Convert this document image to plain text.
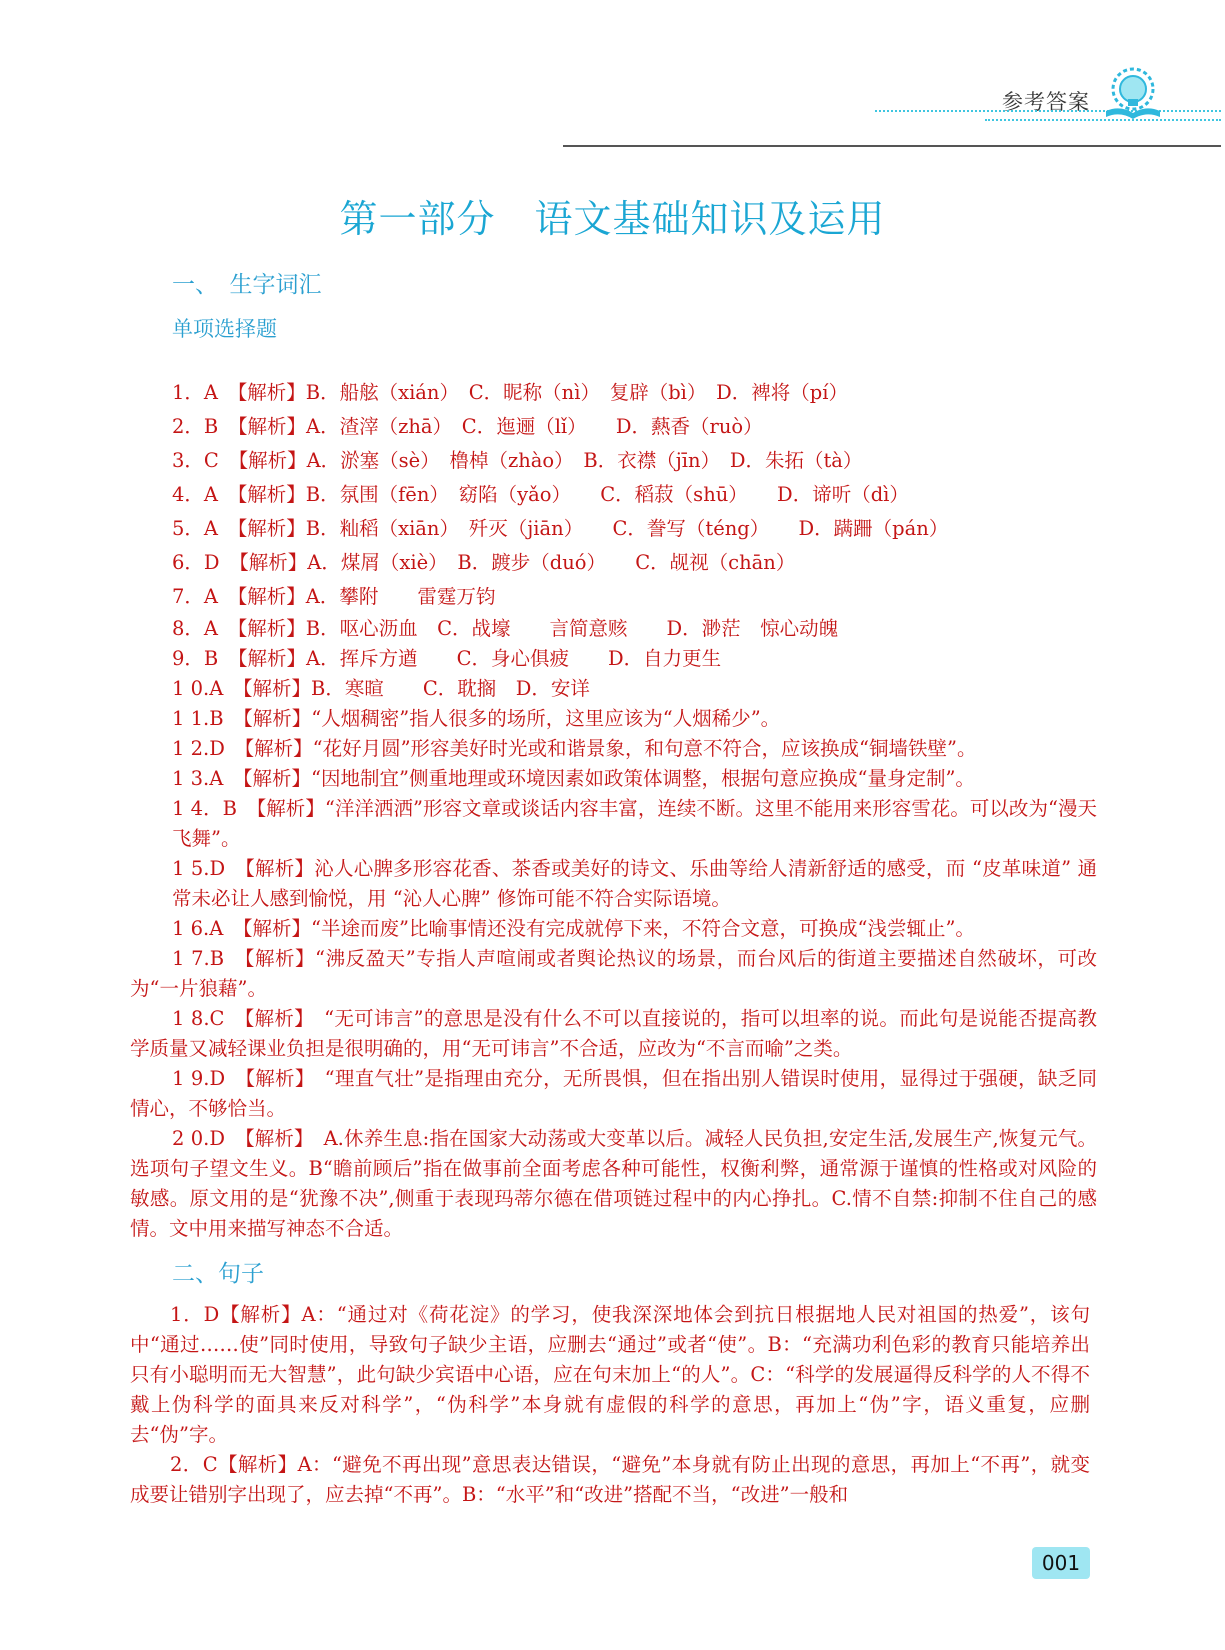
参考答案
第一部分　语文基础知识及运用
一、　生字词汇
单项选择题
1．A　【解析】B．船舷（xián）　C．昵称（nì）　复辟（bì）　D．裨将（pí）
2．B　【解析】A．渣滓（zhā）　C．迤逦（lǐ）　　D．爇香（ruò）
3．C　【解析】A．淤塞（sè）　橹棹（zhào）　B．衣襟（jīn）　D．朱拓（tà）
4．A　【解析】B．氛围（fēn）　窈陷（yǎo）　　C．稻菽（shū）　　D．谛听（dì）
5．A　【解析】B．籼稻（xiān）　歼灭（jiān）　　C．誊写（téng）　　D．蹒跚（pán）
6．D　【解析】A．煤屑（xiè）　B．踱步（duó）　　C．觇视（chān）
7．A　【解析】A．攀附　　雷霆万钧
8．A　【解析】B．呕心沥血　C．战壕　　言简意赅　　D．渺茫　惊心动魄
9．B　【解析】A．挥斥方遒　　C．身心俱疲　　D．自力更生
1 0.A　【解析】B．寒暄　　C．耽搁　D．安详
1 1.B　【解析】“人烟稠密”指人很多的场所，这里应该为“人烟稀少”。
1 2.D　【解析】“花好月圆”形容美好时光或和谐景象，和句意不符合，应该换成“铜墙铁壁”。
1 3.A　【解析】“因地制宜”侧重地理或环境因素如政策体调整，根据句意应换成“量身定制”。
1 4．B　【解析】“洋洋洒洒”形容文章或谈话内容丰富，连续不断。这里不能用来形容雪花。可以改为“漫天飞舞”。
1 5.D　【解析】沁人心脾多形容花香、茶香或美好的诗文、乐曲等给人清新舒适的感受，而 “皮革味道” 通常未必让人感到愉悦，用 “沁人心脾” 修饰可能不符合实际语境。
1 6.A　【解析】“半途而废”比喻事情还没有完成就停下来，不符合文意，可换成“浅尝辄止”。
1 7.B　【解析】“沸反盈天”专指人声喧闹或者舆论热议的场景，而台风后的街道主要描述自然破坏，可改为“一片狼藉”。
1 8.C　【解析】　“无可讳言”的意思是没有什么不可以直接说的，指可以坦率的说。而此句是说能否提高教学质量又减轻课业负担是很明确的，用“无可讳言”不合适，应改为“不言而喻”之类。
1 9.D　【解析】　“理直气壮”是指理由充分，无所畏惧，但在指出别人错误时使用，显得过于强硬，缺乏同情心，不够恰当。
2 0.D　【解析】　A.休养生息:指在国家大动荡或大变革以后。减轻人民负担,安定生活,发展生产,恢复元气。选项句子望文生义。B“瞻前顾后”指在做事前全面考虑各种可能性，权衡利弊，通常源于谨慎的性格或对风险的敏感。原文用的是“犹豫不决”,侧重于表现玛蒂尔德在借项链过程中的内心挣扎。C.情不自禁:抑制不住自己的感情。文中用来描写神态不合适。
二、句子

1．D【解析】A：“通过对《荷花淀》的学习，使我深深地体会到抗日根据地人民对祖国的热爱”，该句中“通过……使”同时使用，导致句子缺少主语，应删去“通过”或者“使”。B：“充满功利色彩的教育只能培养出只有小聪明而无大智慧”，此句缺少宾语中心语，应在句末加上“的人”。C：“科学的发展逼得反科学的人不得不戴上伪科学的面具来反对科学”，“伪科学”本身就有虚假的科学的意思，再加上“伪”字，语义重复，应删去“伪”字。

2．C【解析】A：“避免不再出现”意思表达错误，“避免”本身就有防止出现的意思，再加上“不再”，就变成要让错别字出现了，应去掉“不再”。B：“水平”和“改进”搭配不当，“改进”一般和

001
